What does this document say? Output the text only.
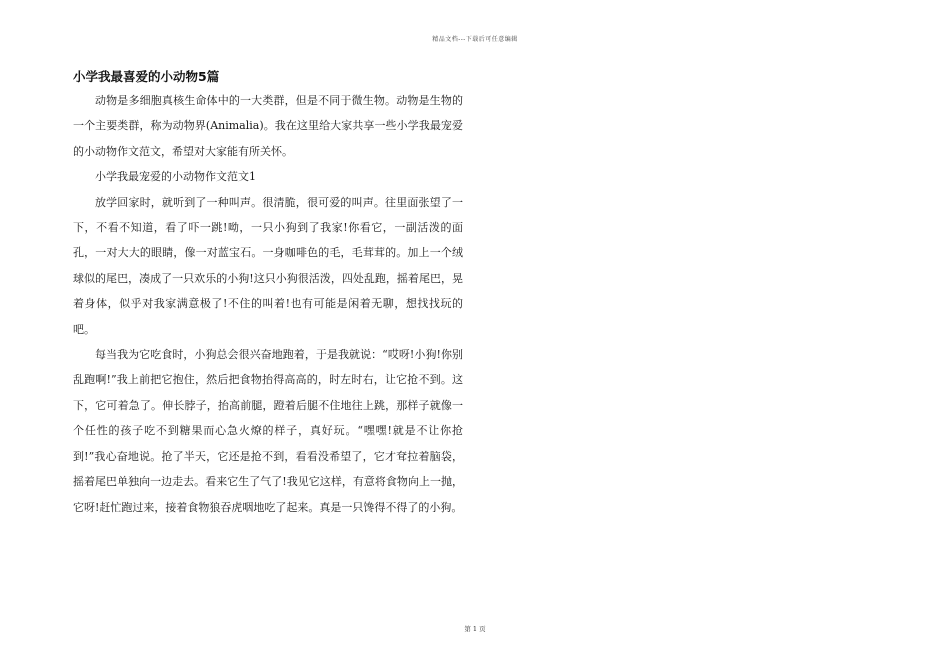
精品文档---下载后可任意编辑
小学我最喜爱的小动物5篇

动物是多细胞真核生命体中的一大类群，但是不同于微生物。动物是生物的一个主要类群，称为动物界(Animalia)。我在这里给大家共享一些小学我最宠爱的小动物作文范文，希望对大家能有所关怀。

小学我最宠爱的小动物作文范文1

放学回家时，就听到了一种叫声。很清脆，很可爱的叫声。往里面张望了一下，不看不知道，看了吓一跳!呦，一只小狗到了我家!你看它，一副活泼的面孔，一对大大的眼睛，像一对蓝宝石。一身咖啡色的毛，毛茸茸的。加上一个绒球似的尾巴，凑成了一只欢乐的小狗!这只小狗很活泼，四处乱跑，摇着尾巴，晃着身体，似乎对我家满意极了!不住的叫着!也有可能是闲着无聊，想找找玩的吧。

每当我为它吃食时，小狗总会很兴奋地跑着，于是我就说：“哎呀!小狗!你别乱跑啊!”我上前把它抱住，然后把食物抬得高高的，时左时右，让它抢不到。这下，它可着急了。伸长脖子，抬高前腿，蹬着后腿不住地往上跳，那样子就像一个任性的孩子吃不到糖果而心急火燎的样子，真好玩。“嘿嘿!就是不让你抢到!”我心奋地说。抢了半天，它还是抢不到，看看没希望了，它才耷拉着脑袋，摇着尾巴单独向一边走去。看来它生了气了!我见它这样，有意将食物向上一抛，它呀!赶忙跑过来，接着食物狼吞虎咽地吃了起来。真是一只馋得不得了的小狗。

第 1 页
